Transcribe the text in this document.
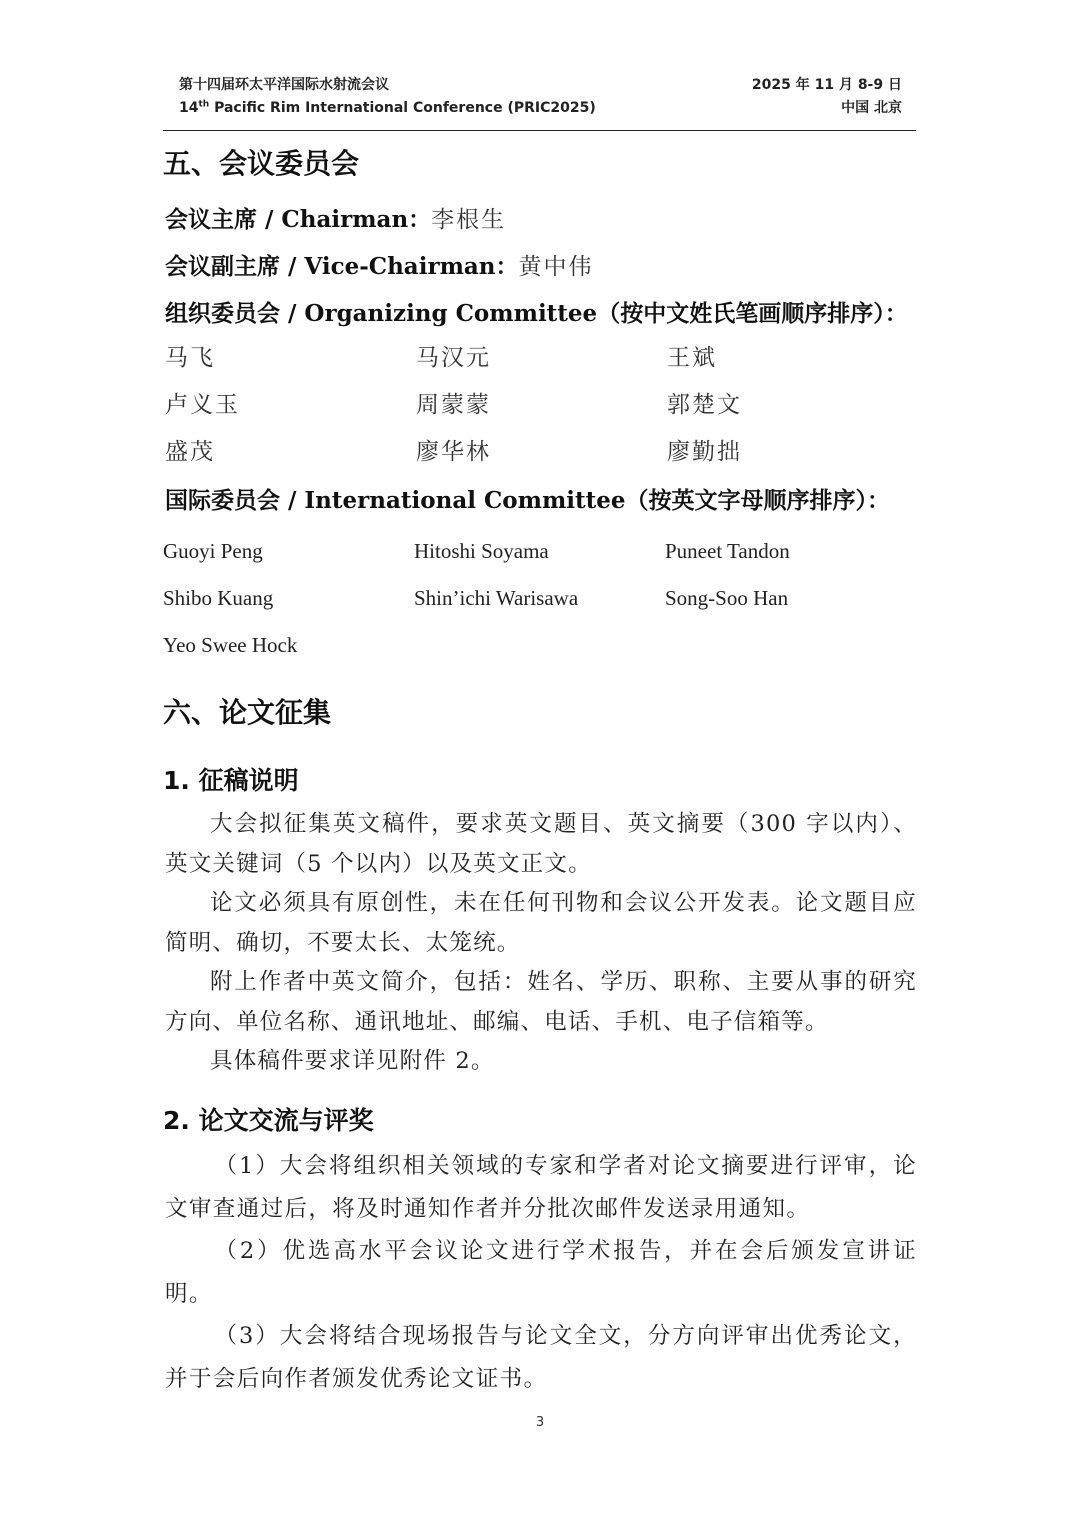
第十四届环太平洋国际水射流会议
14th Pacific Rim International Conference (PRIC2025)
2025 年 11 月 8-9 日
中国 北京
五、会议委员会
会议主席 / Chairman：李根生
会议副主席 / Vice-Chairman：黄中伟
组织委员会 / Organizing Committee（按中文姓氏笔画顺序排序）：
马飞	马汉元	王斌
卢义玉	周蒙蒙	郭楚文
盛茂	廖华林	廖勤拙
国际委员会 / International Committee（按英文字母顺序排序）：
Guoyi Peng	Hitoshi Soyama	Puneet Tandon
Shibo Kuang	Shin’ichi Warisawa	Song-Soo Han
Yeo Swee Hock
六、论文征集
1. 征稿说明

大会拟征集英文稿件，要求英文题目、英文摘要（300 字以内）、英文关键词（5 个以内）以及英文正文。

论文必须具有原创性，未在任何刊物和会议公开发表。论文题目应简明、确切，不要太长、太笼统。

附上作者中英文简介，包括：姓名、学历、职称、主要从事的研究方向、单位名称、通讯地址、邮编、电话、手机、电子信箱等。

具体稿件要求详见附件 2。

2. 论文交流与评奖

（1）大会将组织相关领域的专家和学者对论文摘要进行评审，论文审查通过后，将及时通知作者并分批次邮件发送录用通知。

（2）优选高水平会议论文进行学术报告，并在会后颁发宣讲证明。

（3）大会将结合现场报告与论文全文，分方向评审出优秀论文，并于会后向作者颁发优秀论文证书。

3
